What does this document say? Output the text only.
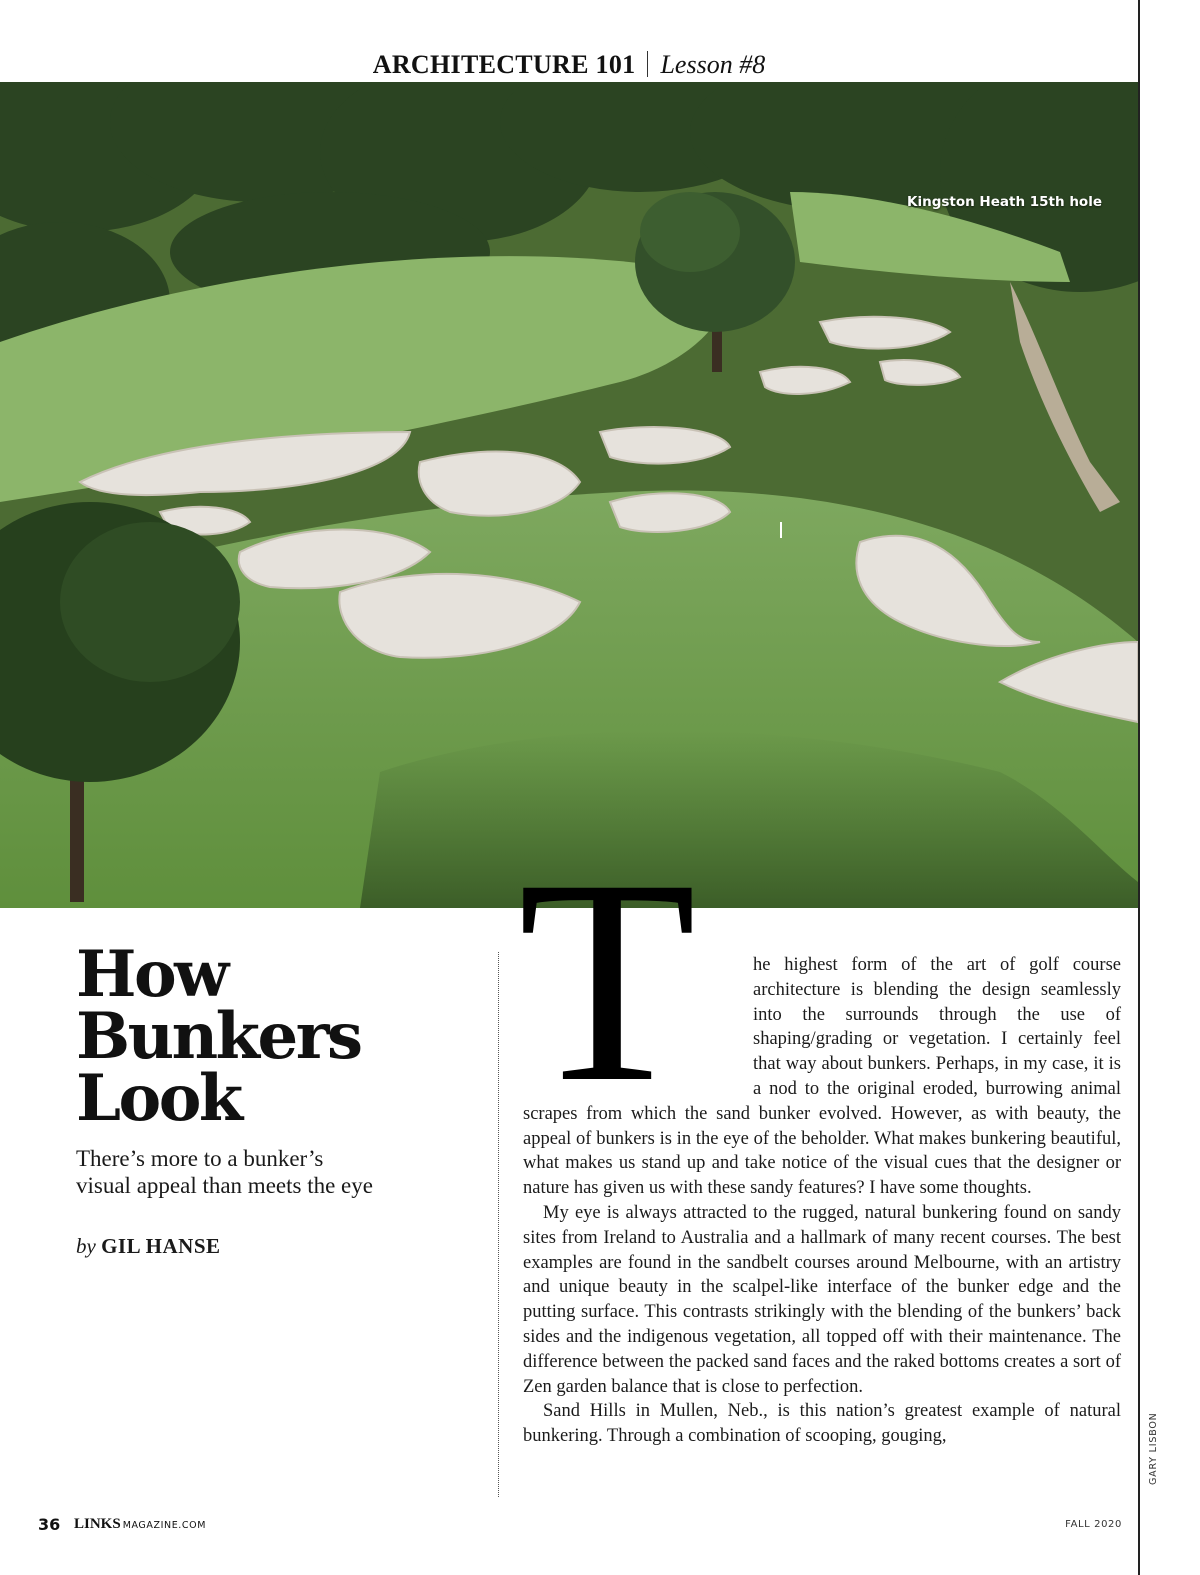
ARCHITECTURE 101 Lesson #8
Kingston Heath 15th hole
How
Bunkers
Look

There’s more to a bunker’s visual appeal than meets the eye

by GIL HANSE
T	he highest form of the art of golf course architecture is blending the design seamlessly into the surrounds through the use of shaping/grading or vegetation. I certainly feel that way about bunkers. Perhaps, in my case, it is a nod to the original eroded, burrowing animal scrapes from which the sand bunker evolved. However, as with beauty, the appeal of bunkers is in the eye of the beholder. What makes bunkering beautiful, what makes us stand up and take notice of the visual cues that the designer or nature has given us with these sandy features? I have some thoughts.

My eye is always attracted to the rugged, natural bunkering found on sandy sites from Ireland to Australia and a hallmark of many recent courses. The best examples are found in the sandbelt courses around Melbourne, with an artistry and unique beauty in the scalpel-like interface of the bunker edge and the putting surface. This contrasts strikingly with the blending of the bunkers’ back sides and the indigenous vegetation, all topped off with their maintenance. The difference between the packed sand faces and the raked bottoms creates a sort of Zen garden balance that is close to perfection.

Sand Hills in Mullen, Neb., is this nation’s greatest example of natural bunkering. Through a combination of scooping, gouging,	GARY LISBON
36 LINKS MAGAZINE.COM	FALL 2020
